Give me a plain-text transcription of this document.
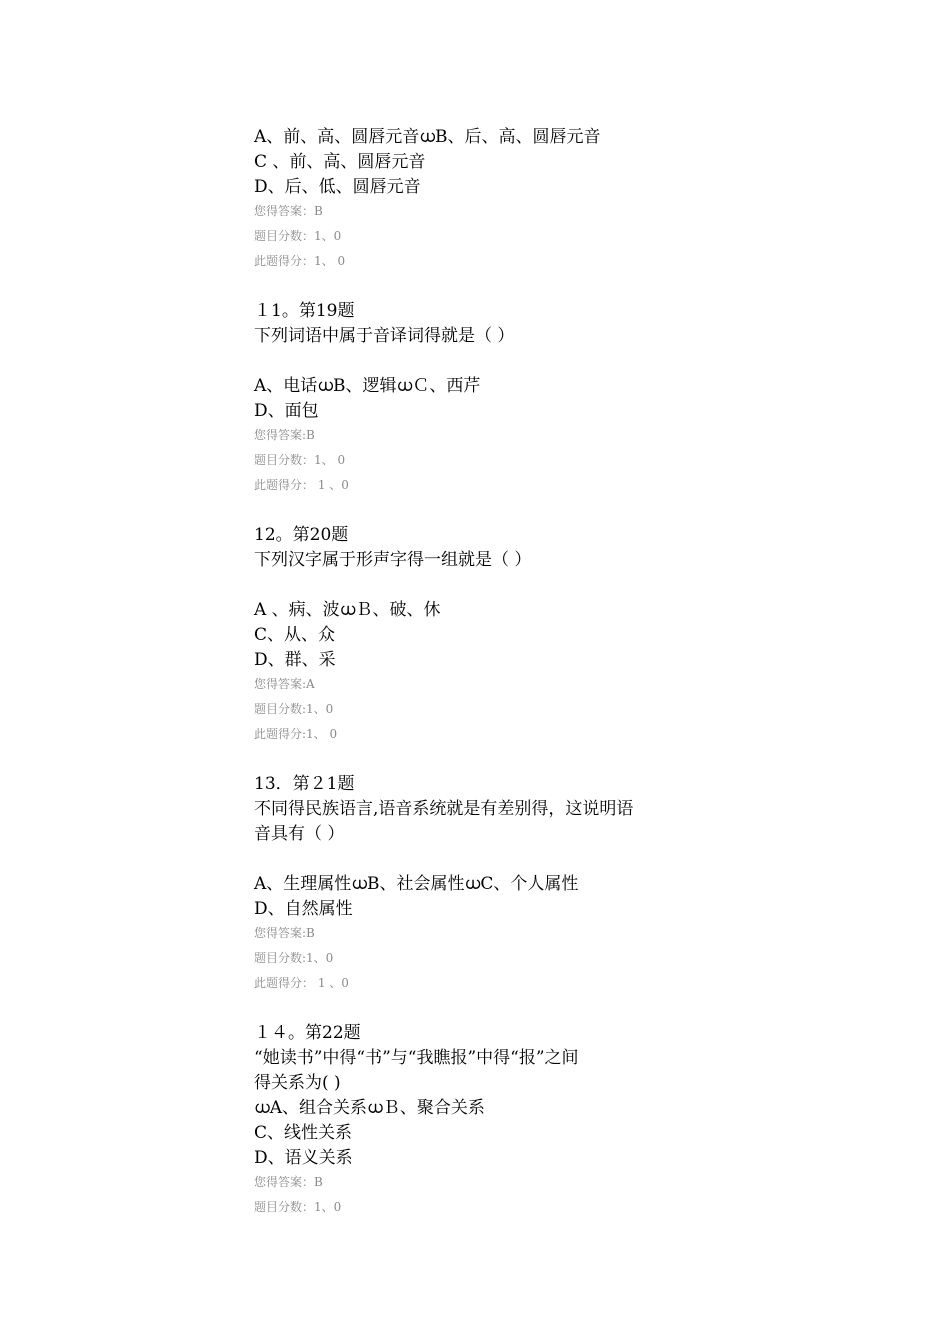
A、前、高、圆唇元音ധB、后、高、圆唇元音
C 、前、高、圆唇元音
D、后、低、圆唇元音
您得答案：B
题目分数：1、0
此题得分：1、 0
１1。第19题
下列词语中属于音译词得就是（ ）
A、电话ധB、逻辑ധＣ、西芹
D、面包
您得答案:B
题目分数：1、 0
此题得分： 1 、0
12。第20题
下列汉字属于形声字得一组就是（ ）
A 、病、波ധＢ、破、休
C、从、众
D、群、采
您得答案:A
题目分数:1、0
此题得分:1、 0
13．第２1题
不同得民族语言,语音系统就是有差别得，这说明语
音具有（ ）
A、生理属性ധB、社会属性ധC、个人属性
D、自然属性
您得答案:B
题目分数:1、0
此题得分： 1 、0
１４。第22题
“她读书”中得“书”与“我瞧报”中得“报”之间
得关系为( )
ധA、组合关系ധＢ、聚合关系
C、线性关系
D、语义关系
您得答案：B
题目分数：1、0
